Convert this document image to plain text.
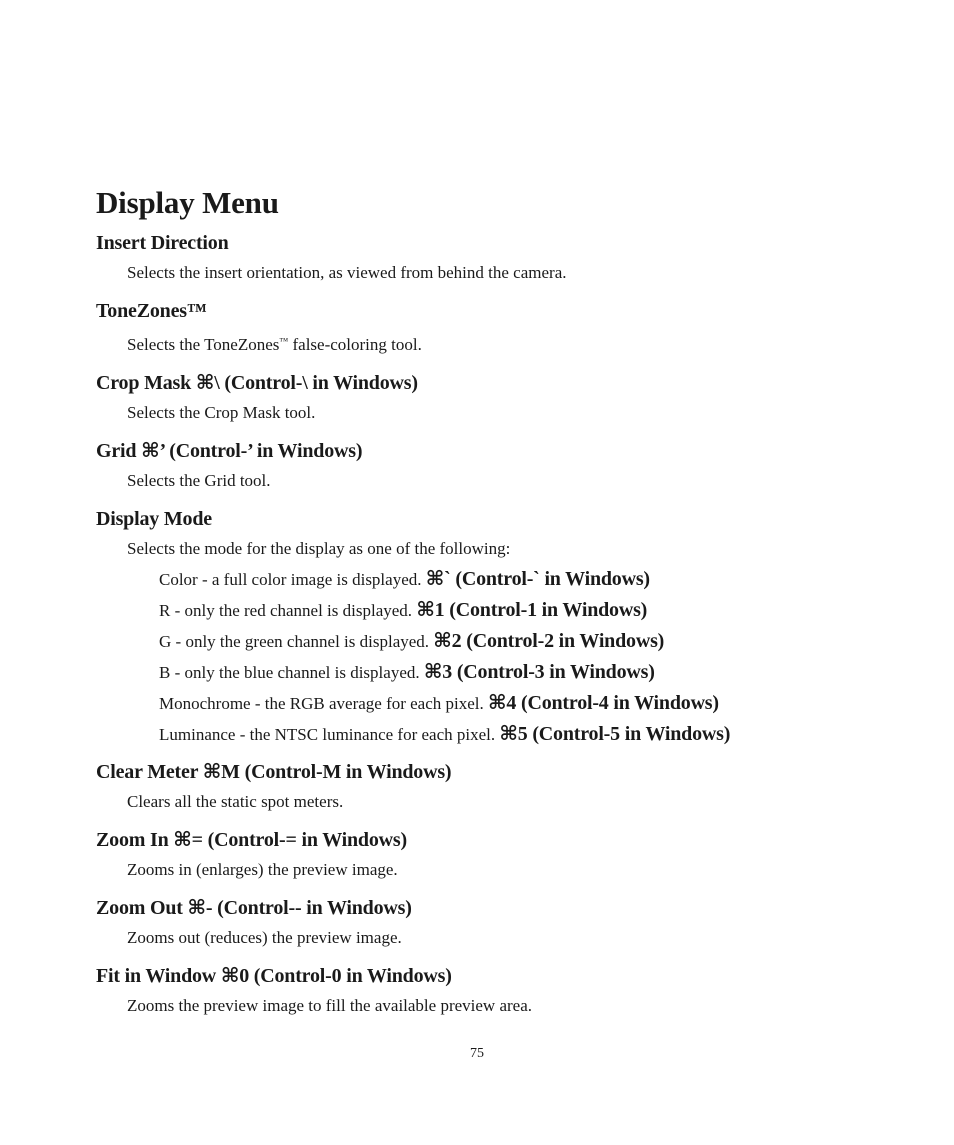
Display Menu
Insert Direction

Selects the insert orientation, as viewed from behind the camera.

ToneZones™

Selects the ToneZones™ false-coloring tool.

Crop Mask ⌘\ (Control-\ in Windows)

Selects the Crop Mask tool.

Grid ⌘’ (Control-’ in Windows)

Selects the Grid tool.

Display Mode

Selects the mode for the display as one of the following:

Color - a full color image is displayed. ⌘` (Control-` in Windows)
R - only the red channel is displayed. ⌘1 (Control-1 in Windows)
G - only the green channel is displayed. ⌘2 (Control-2 in Windows)
B - only the blue channel is displayed. ⌘3 (Control-3 in Windows)
Monochrome - the RGB average for each pixel. ⌘4 (Control-4 in Windows)
Luminance - the NTSC luminance for each pixel. ⌘5 (Control-5 in Windows)
Clear Meter ⌘M (Control-M in Windows)

Clears all the static spot meters.

Zoom In ⌘= (Control-= in Windows)

Zooms in (enlarges) the preview image.

Zoom Out ⌘- (Control-- in Windows)

Zooms out (reduces) the preview image.

Fit in Window ⌘0 (Control-0 in Windows)

Zooms the preview image to fill the available preview area.

75
